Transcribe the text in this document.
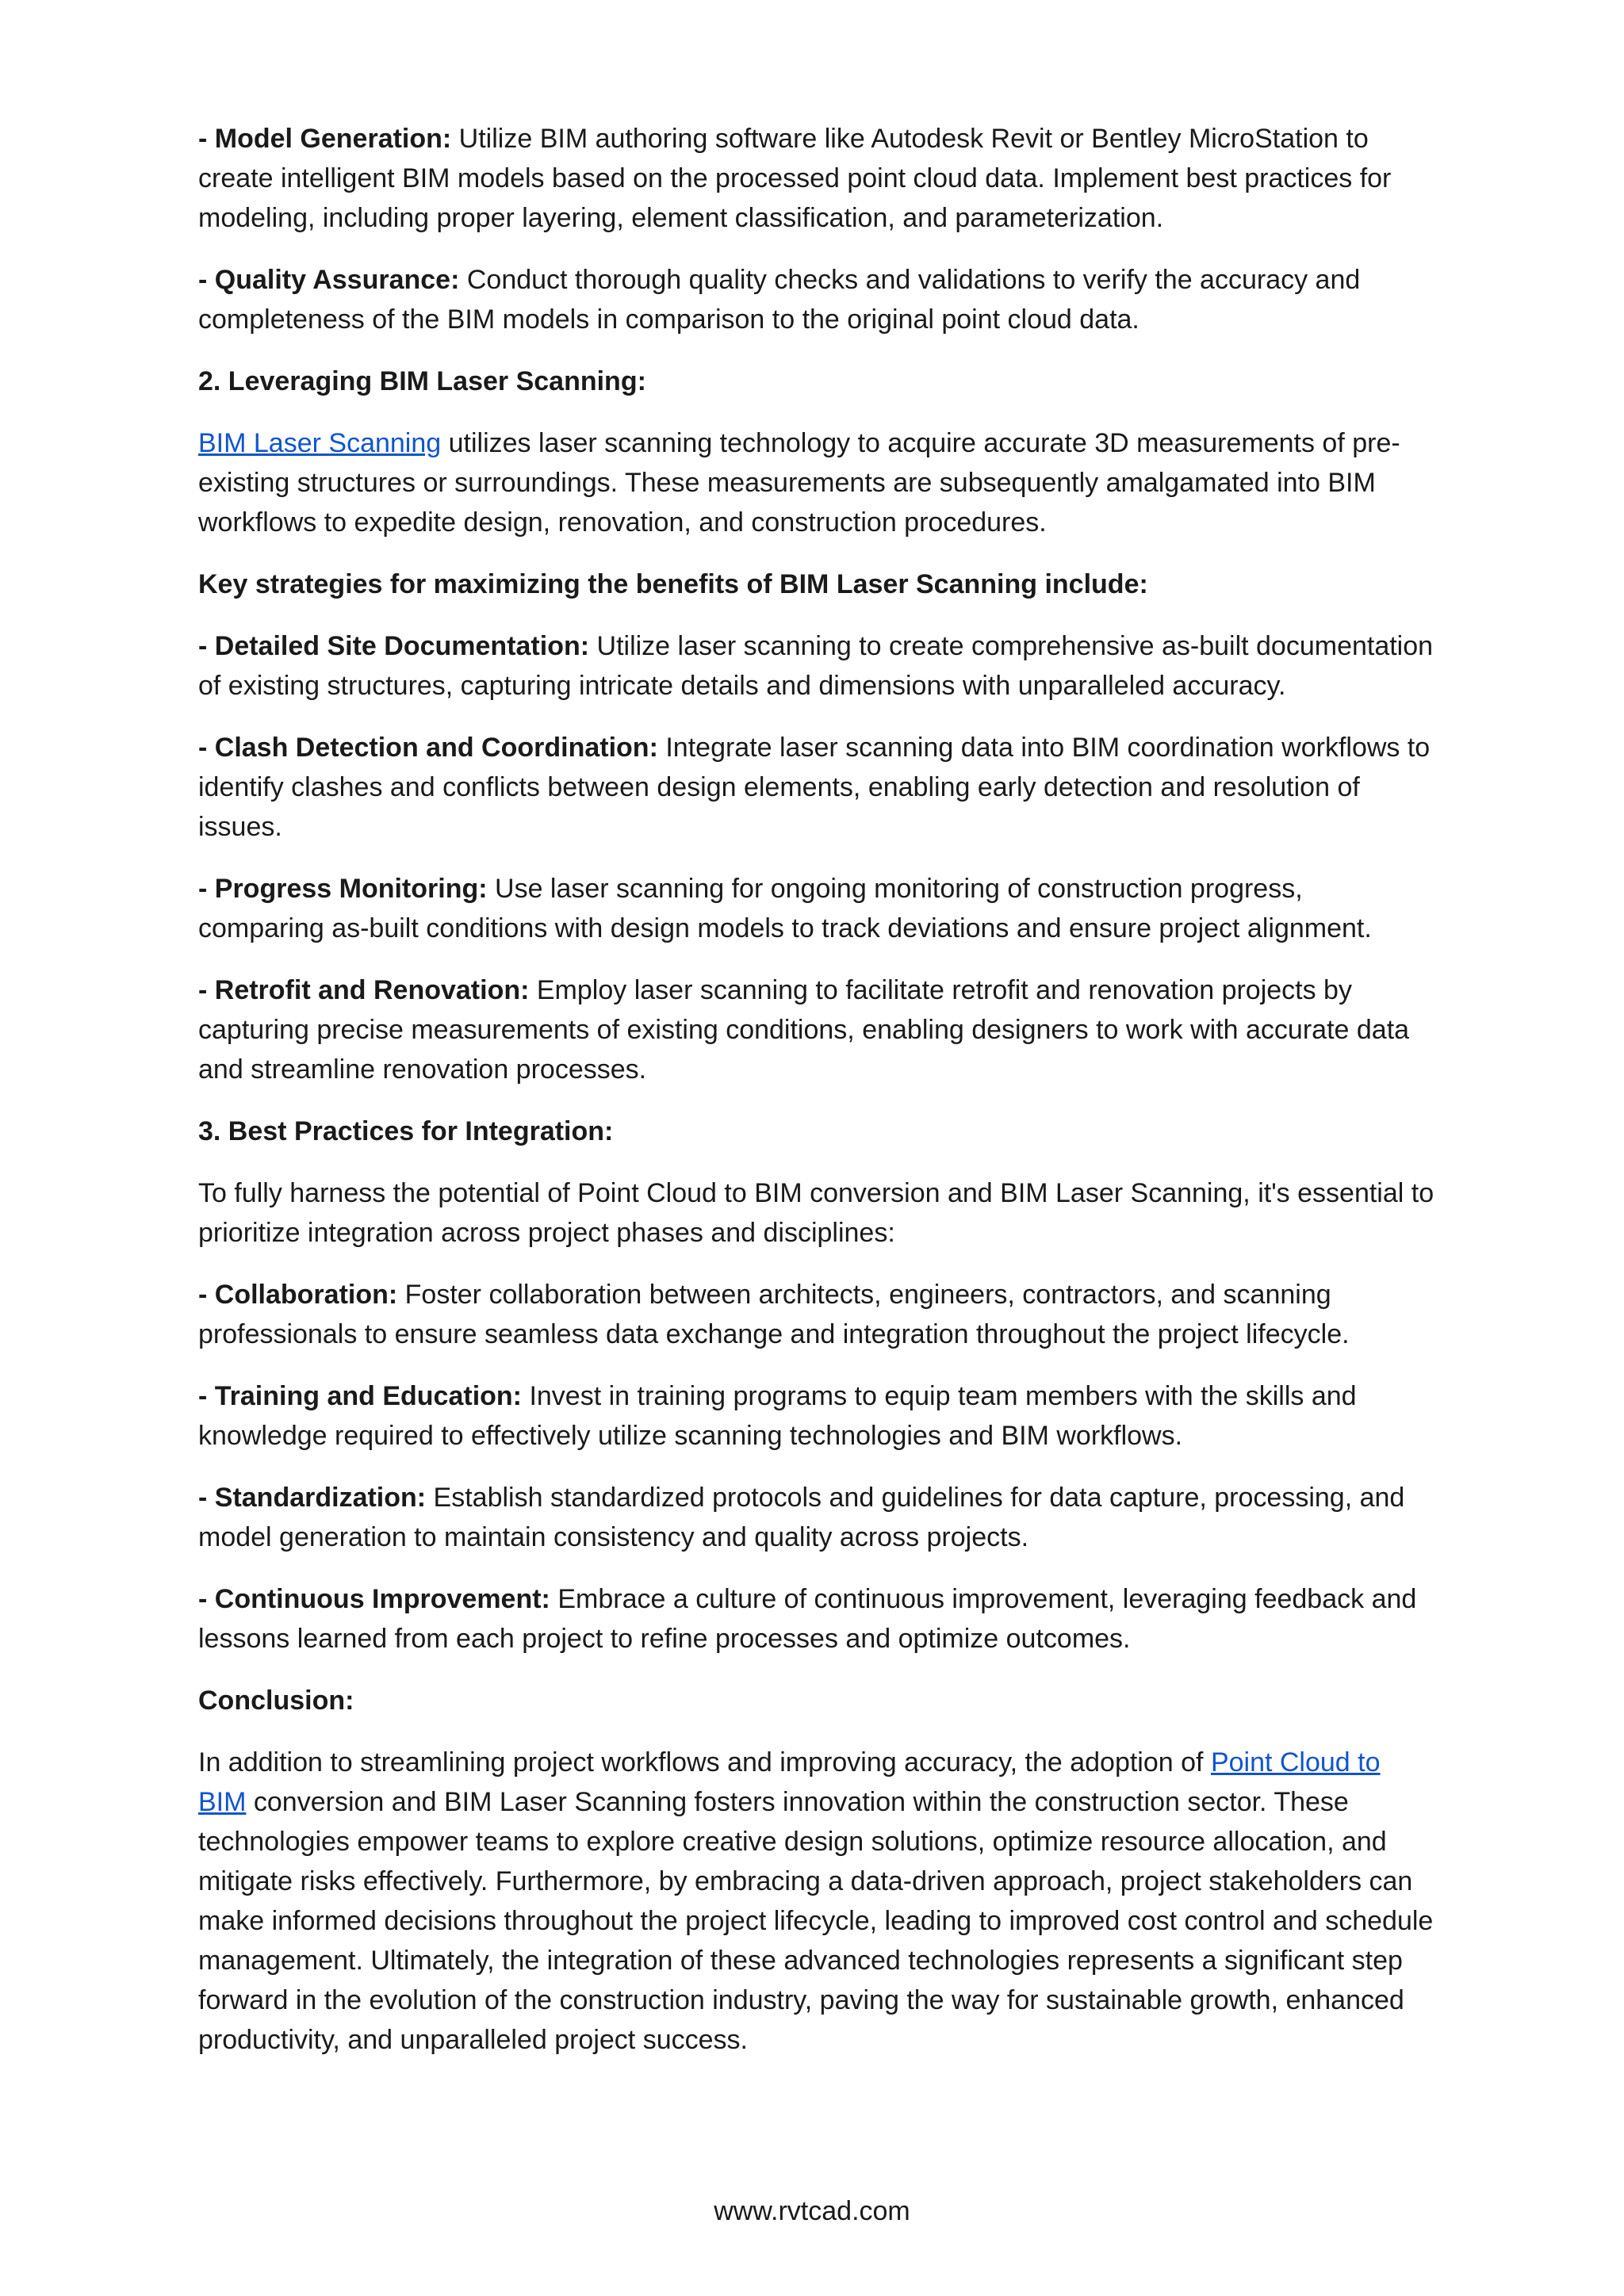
- Model Generation: Utilize BIM authoring software like Autodesk Revit or Bentley MicroStation to create intelligent BIM models based on the processed point cloud data. Implement best practices for modeling, including proper layering, element classification, and parameterization.

- Quality Assurance: Conduct thorough quality checks and validations to verify the accuracy and completeness of the BIM models in comparison to the original point cloud data.

2. Leveraging BIM Laser Scanning:

BIM Laser Scanning utilizes laser scanning technology to acquire accurate 3D measurements of pre-existing structures or surroundings. These measurements are subsequently amalgamated into BIM workflows to expedite design, renovation, and construction procedures.

Key strategies for maximizing the benefits of BIM Laser Scanning include:

- Detailed Site Documentation: Utilize laser scanning to create comprehensive as-built documentation of existing structures, capturing intricate details and dimensions with unparalleled accuracy.

- Clash Detection and Coordination: Integrate laser scanning data into BIM coordination workflows to identify clashes and conflicts between design elements, enabling early detection and resolution of issues.

- Progress Monitoring: Use laser scanning for ongoing monitoring of construction progress, comparing as-built conditions with design models to track deviations and ensure project alignment.

- Retrofit and Renovation: Employ laser scanning to facilitate retrofit and renovation projects by capturing precise measurements of existing conditions, enabling designers to work with accurate data and streamline renovation processes.

3. Best Practices for Integration:

To fully harness the potential of Point Cloud to BIM conversion and BIM Laser Scanning, it's essential to prioritize integration across project phases and disciplines:

- Collaboration: Foster collaboration between architects, engineers, contractors, and scanning professionals to ensure seamless data exchange and integration throughout the project lifecycle.

- Training and Education: Invest in training programs to equip team members with the skills and knowledge required to effectively utilize scanning technologies and BIM workflows.

- Standardization: Establish standardized protocols and guidelines for data capture, processing, and model generation to maintain consistency and quality across projects.

- Continuous Improvement: Embrace a culture of continuous improvement, leveraging feedback and lessons learned from each project to refine processes and optimize outcomes.

Conclusion:

In addition to streamlining project workflows and improving accuracy, the adoption of Point Cloud to BIM conversion and BIM Laser Scanning fosters innovation within the construction sector. These technologies empower teams to explore creative design solutions, optimize resource allocation, and mitigate risks effectively. Furthermore, by embracing a data-driven approach, project stakeholders can make informed decisions throughout the project lifecycle, leading to improved cost control and schedule management. Ultimately, the integration of these advanced technologies represents a significant step forward in the evolution of the construction industry, paving the way for sustainable growth, enhanced productivity, and unparalleled project success.

www.rvtcad.com
